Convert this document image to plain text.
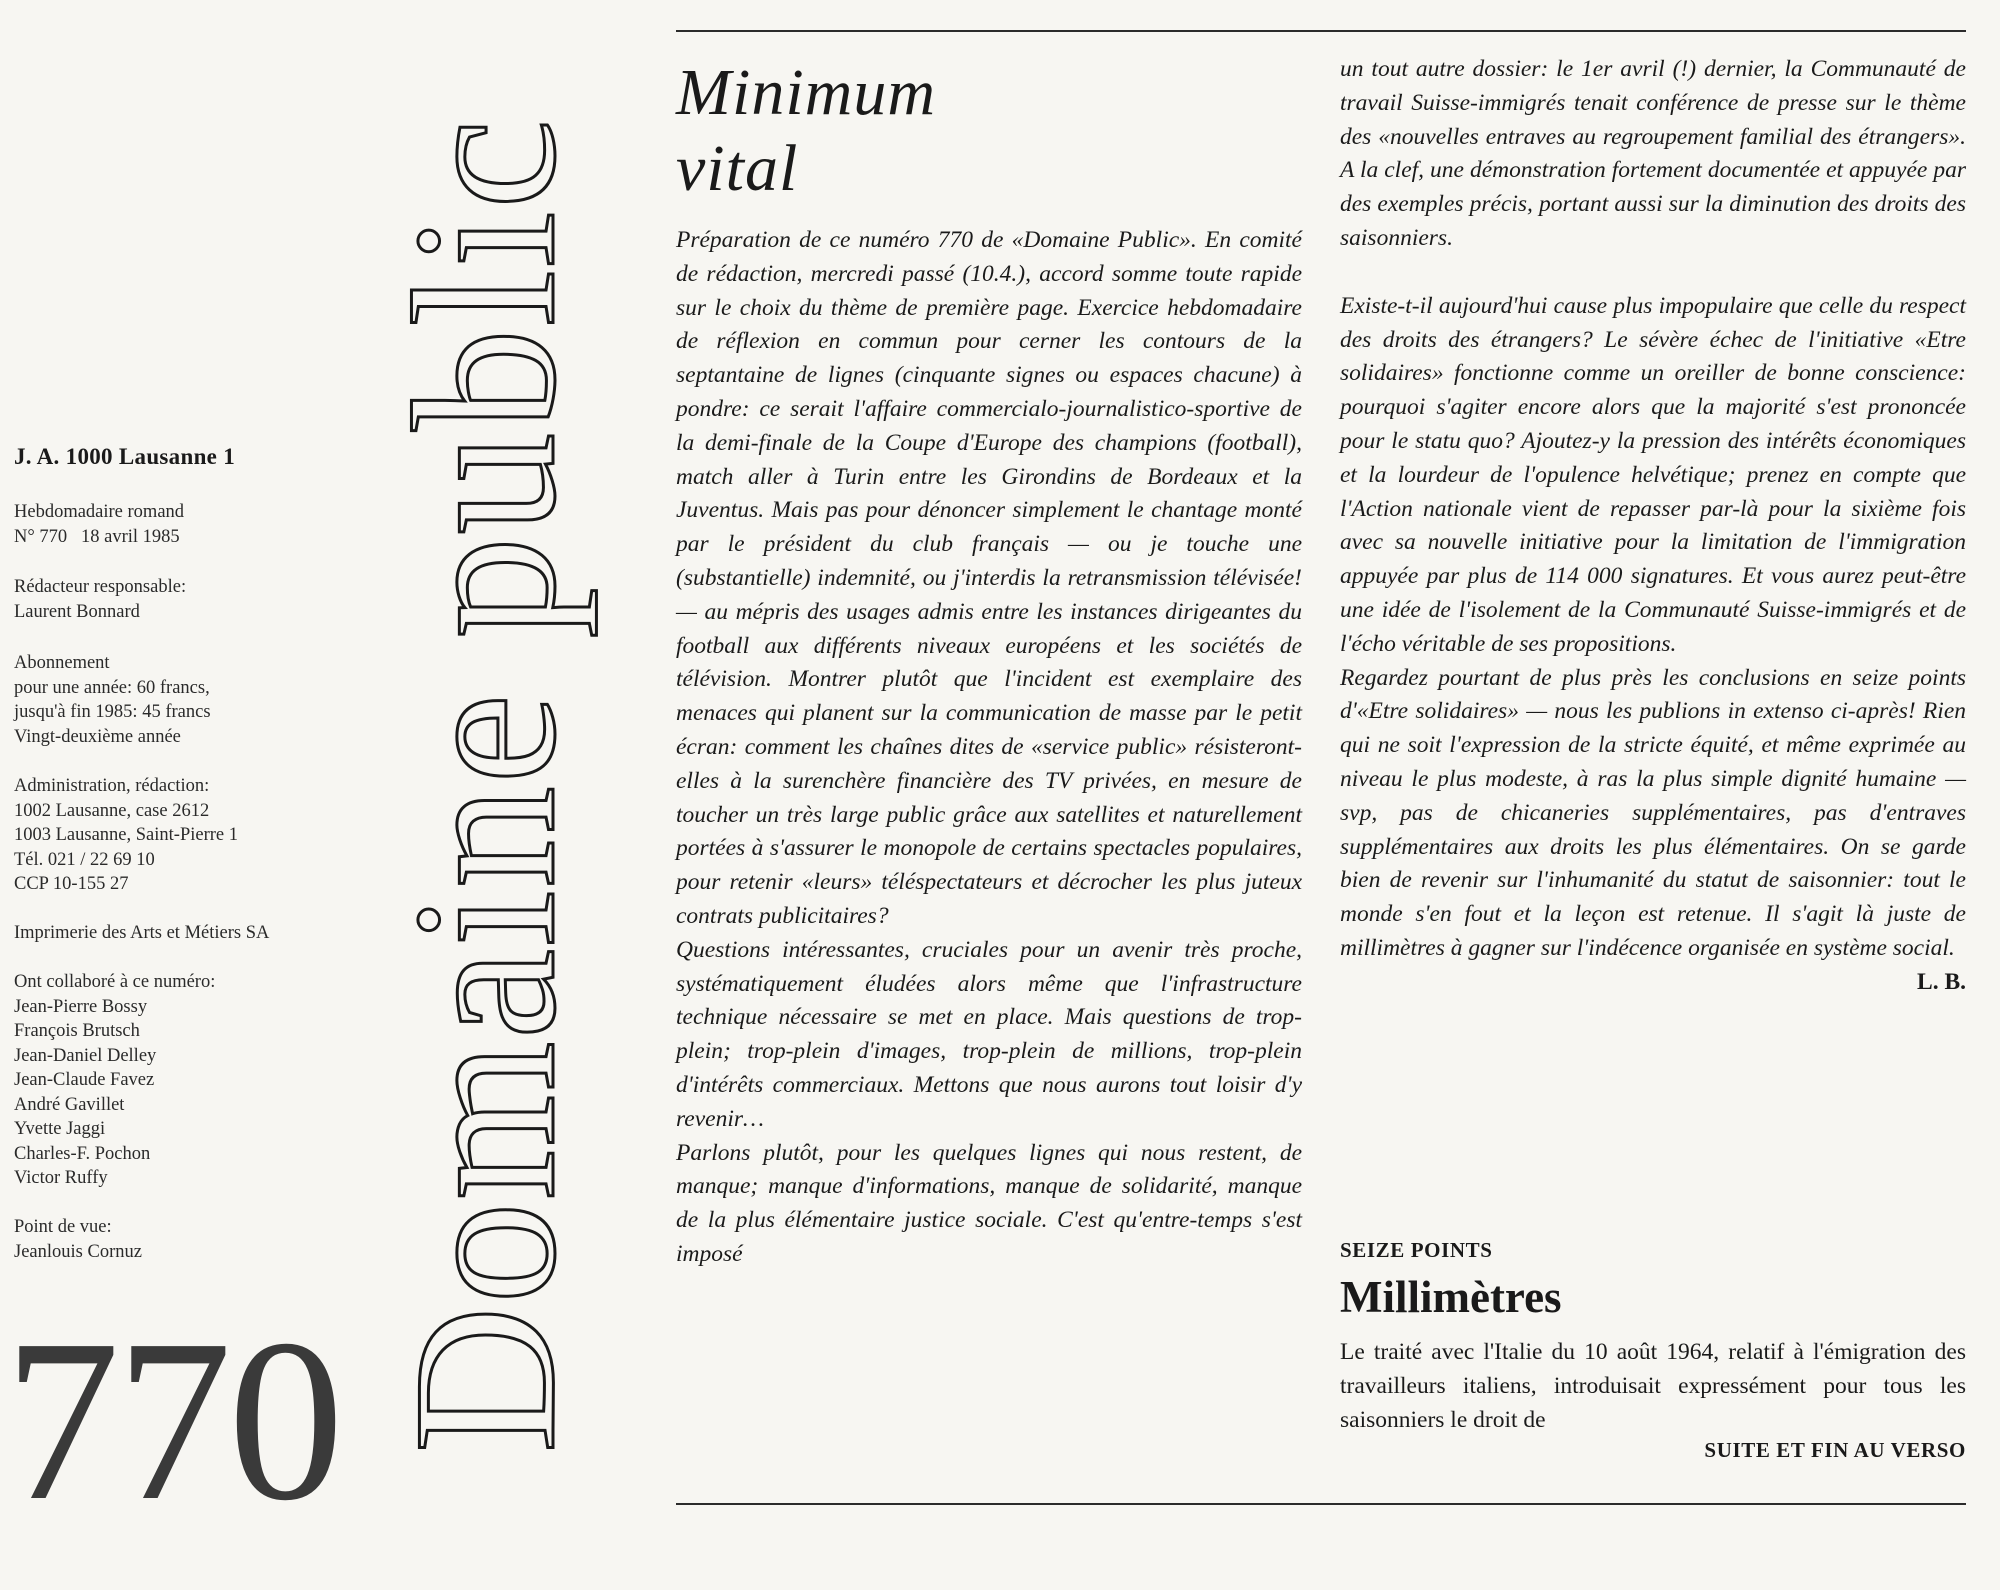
Domaine public
J. A. 1000 Lausanne 1
Hebdomadaire romand
N° 770   18 avril 1985
Rédacteur responsable:
Laurent Bonnard
Abonnement
pour une année: 60 francs,
jusqu'à fin 1985: 45 francs
Vingt-deuxième année
Administration, rédaction:
1002 Lausanne, case 2612
1003 Lausanne, Saint-Pierre 1
Tél. 021 / 22 69 10
CCP 10-155 27
Imprimerie des Arts et Métiers SA
Ont collaboré à ce numéro:
Jean-Pierre Bossy
François Brutsch
Jean-Daniel Delley
Jean-Claude Favez
André Gavillet
Yvette Jaggi
Charles-F. Pochon
Victor Ruffy
Point de vue:
Jeanlouis Cornuz
770
Minimum
vital

Préparation de ce numéro 770 de «Domaine Public». En comité de rédaction, mercredi passé (10.4.), accord somme toute rapide sur le choix du thème de première page. Exercice hebdomadaire de réflexion en commun pour cerner les contours de la septantaine de lignes (cinquante signes ou espaces chacune) à pondre: ce serait l'affaire commercialo-journalistico-sportive de la demi-finale de la Coupe d'Europe des champions (football), match aller à Turin entre les Girondins de Bordeaux et la Juventus. Mais pas pour dénoncer simplement le chantage monté par le président du club français — ou je touche une (substantielle) indemnité, ou j'interdis la retransmission télévisée! — au mépris des usages admis entre les instances dirigeantes du football aux différents niveaux européens et les sociétés de télévision. Montrer plutôt que l'incident est exemplaire des menaces qui planent sur la communication de masse par le petit écran: comment les chaînes dites de «service public» résisteront-elles à la surenchère financière des TV privées, en mesure de toucher un très large public grâce aux satellites et naturellement portées à s'assurer le monopole de certains spectacles populaires, pour retenir «leurs» téléspectateurs et décrocher les plus juteux contrats publicitaires?

Questions intéressantes, cruciales pour un avenir très proche, systématiquement éludées alors même que l'infrastructure technique nécessaire se met en place. Mais questions de trop-plein; trop-plein d'images, trop-plein de millions, trop-plein d'intérêts commerciaux. Mettons que nous aurons tout loisir d'y revenir…

Parlons plutôt, pour les quelques lignes qui nous restent, de manque; manque d'informations, manque de solidarité, manque de la plus élémentaire justice sociale. C'est qu'entre-temps s'est imposé

un tout autre dossier: le 1er avril (!) dernier, la Communauté de travail Suisse-immigrés tenait conférence de presse sur le thème des «nouvelles entraves au regroupement familial des étrangers». A la clef, une démonstration fortement documentée et appuyée par des exemples précis, portant aussi sur la diminution des droits des saisonniers.

Existe-t-il aujourd'hui cause plus impopulaire que celle du respect des droits des étrangers? Le sévère échec de l'initiative «Etre solidaires» fonctionne comme un oreiller de bonne conscience: pourquoi s'agiter encore alors que la majorité s'est prononcée pour le statu quo? Ajoutez-y la pression des intérêts économiques et la lourdeur de l'opulence helvétique; prenez en compte que l'Action nationale vient de repasser par-là pour la sixième fois avec sa nouvelle initiative pour la limitation de l'immigration appuyée par plus de 114 000 signatures. Et vous aurez peut-être une idée de l'isolement de la Communauté Suisse-immigrés et de l'écho véritable de ses propositions.

Regardez pourtant de plus près les conclusions en seize points d'«Etre solidaires» — nous les publions in extenso ci-après! Rien qui ne soit l'expression de la stricte équité, et même exprimée au niveau le plus modeste, à ras la plus simple dignité humaine — svp, pas de chicaneries supplémentaires, pas d'entraves supplémentaires aux droits les plus élémentaires. On se garde bien de revenir sur l'inhumanité du statut de saisonnier: tout le monde s'en fout et la leçon est retenue. Il s'agit là juste de millimètres à gagner sur l'indécence organisée en système social.
L. B.

SEIZE POINTS
Millimètres
Le traité avec l'Italie du 10 août 1964, relatif à l'émigration des travailleurs italiens, introduisait expressément pour tous les saisonniers le droit de
SUITE ET FIN AU VERSO
